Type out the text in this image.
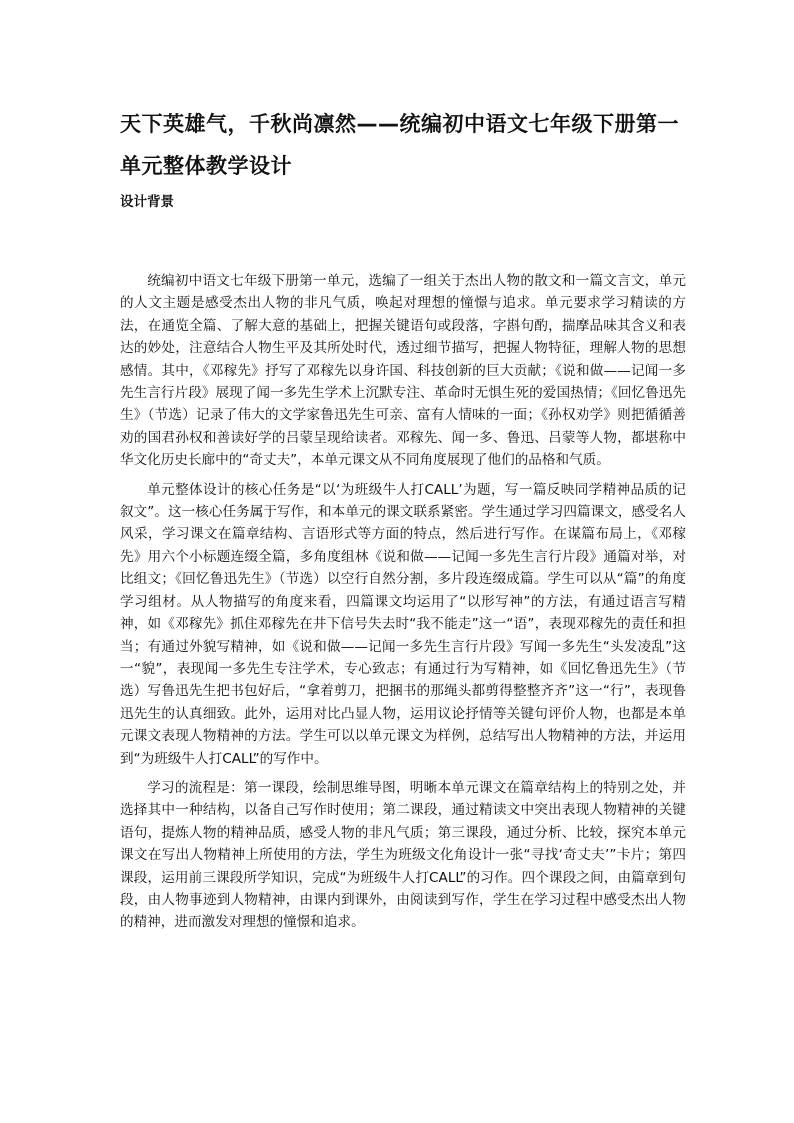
天下英雄气，千秋尚凛然——统编初中语文七年级下册第一单元整体教学设计
设计背景

统编初中语文七年级下册第一单元，选编了一组关于杰出人物的散文和一篇文言文，单元的人文主题是感受杰出人物的非凡气质，唤起对理想的憧憬与追求。单元要求学习精读的方法，在通览全篇、了解大意的基础上，把握关键语句或段落，字斟句酌，揣摩品味其含义和表达的妙处，注意结合人物生平及其所处时代，透过细节描写，把握人物特征，理解人物的思想感情。其中，《邓稼先》抒写了邓稼先以身许国、科技创新的巨大贡献；《说和做——记闻一多先生言行片段》展现了闻一多先生学术上沉默专注、革命时无惧生死的爱国热情；《回忆鲁迅先生》（节选）记录了伟大的文学家鲁迅先生可亲、富有人情味的一面；《孙权劝学》则把循循善劝的国君孙权和善读好学的吕蒙呈现给读者。邓稼先、闻一多、鲁迅、吕蒙等人物，都堪称中华文化历史长廊中的“奇丈夫”，本单元课文从不同角度展现了他们的品格和气质。

单元整体设计的核心任务是“以‘为班级牛人打CALL’为题，写一篇反映同学精神品质的记叙文”。这一核心任务属于写作，和本单元的课文联系紧密。学生通过学习四篇课文，感受名人风采，学习课文在篇章结构、言语形式等方面的特点，然后进行写作。在谋篇布局上，《邓稼先》用六个小标题连缀全篇，多角度组林《说和做——记闻一多先生言行片段》通篇对举，对比组文；《回忆鲁迅先生》（节选）以空行自然分割，多片段连缀成篇。学生可以从“篇”的角度学习组材。从人物描写的角度来看，四篇课文均运用了“以形写神”的方法，有通过语言写精神，如《邓稼先》抓住邓稼先在井下信号失去时“我不能走”这一“语”，表现邓稼先的责任和担当；有通过外貌写精神，如《说和做——记闻一多先生言行片段》写闻一多先生“头发凌乱”这一“貌”，表现闻一多先生专注学术，专心致志；有通过行为写精神，如《回忆鲁迅先生》（节选）写鲁迅先生把书包好后，“拿着剪刀，把捆书的那绳头都剪得整整齐齐”这一“行”，表现鲁迅先生的认真细致。此外，运用对比凸显人物，运用议论抒情等关键句评价人物，也都是本单元课文表现人物精神的方法。学生可以以单元课文为样例，总结写出人物精神的方法，并运用到“为班级牛人打CALL”的写作中。

学习的流程是：第一课段，绘制思维导图，明晰本单元课文在篇章结构上的特别之处，并选择其中一种结构，以备自己写作时使用；第二课段，通过精读文中突出表现人物精神的关键语句，提炼人物的精神品质，感受人物的非凡气质；第三课段，通过分析、比较，探究本单元课文在写出人物精神上所使用的方法，学生为班级文化角设计一张“寻找‘奇丈夫’”卡片；第四课段，运用前三课段所学知识，完成“为班级牛人打CALL”的习作。四个课段之间，由篇章到句段，由人物事迹到人物精神，由课内到课外，由阅读到写作，学生在学习过程中感受杰出人物的精神，进而激发对理想的憧憬和追求。
